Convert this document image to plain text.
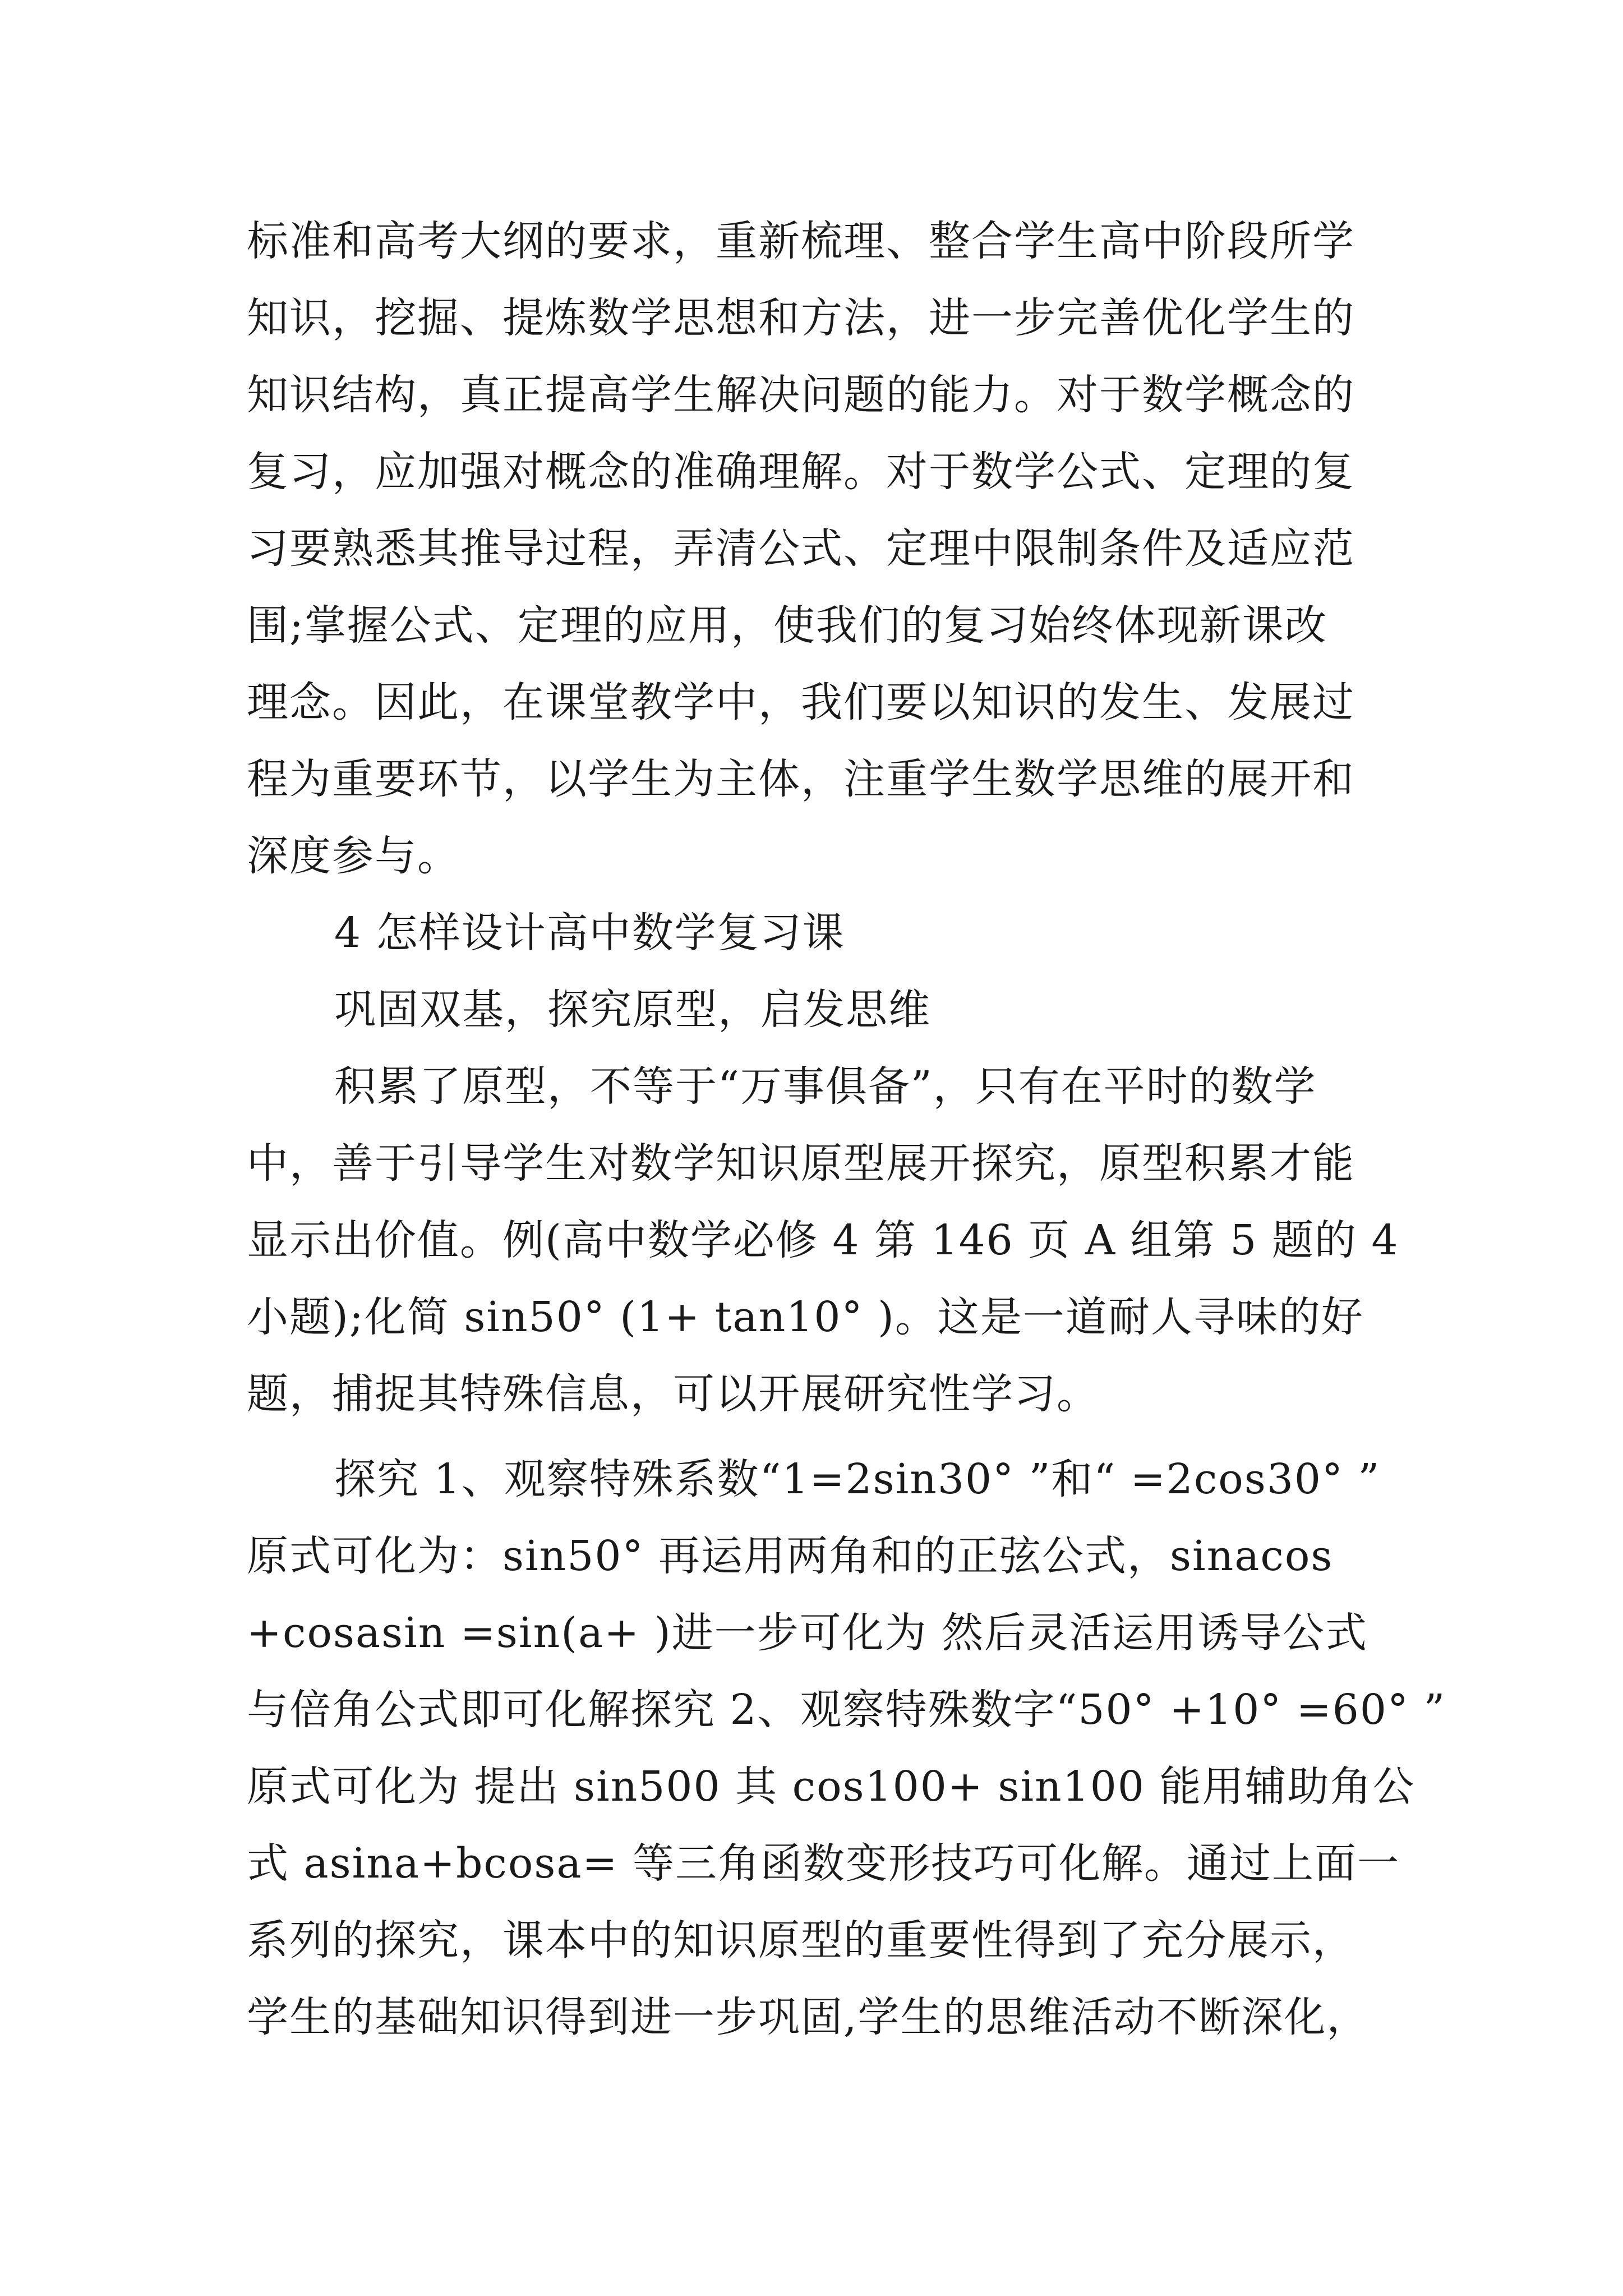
标准和高考大纲的要求，重新梳理、整合学生高中阶段所学
知识，挖掘、提炼数学思想和方法，进一步完善优化学生的
知识结构，真正提高学生解决问题的能力。对于数学概念的
复习，应加强对概念的准确理解。对于数学公式、定理的复
习要熟悉其推导过程，弄清公式、定理中限制条件及适应范
围;掌握公式、定理的应用，使我们的复习始终体现新课改
理念。因此，在课堂教学中，我们要以知识的发生、发展过
程为重要环节，以学生为主体，注重学生数学思维的展开和
深度参与。
4 怎样设计高中数学复习课
巩固双基，探究原型，启发思维
积累了原型，不等于“万事俱备”，只有在平时的数学
中，善于引导学生对数学知识原型展开探究，原型积累才能
显示出价值。例(高中数学必修 4 第 146 页 A 组第 5 题的 4
小题);化简 sin50° (1+ tan10° )。这是一道耐人寻味的好
题，捕捉其特殊信息，可以开展研究性学习。
探究 1、观察特殊系数“1=2sin30° ”和“ =2cos30° ”
原式可化为：sin50° 再运用两角和的正弦公式，sinacos
+cosasin =sin(a+ )进一步可化为 然后灵活运用诱导公式
与倍角公式即可化解探究 2、观察特殊数字“50° +10° =60° ”
原式可化为 提出 sin500 其 cos100+ sin100 能用辅助角公
式 asina+bcosa= 等三角函数变形技巧可化解。通过上面一
系列的探究，课本中的知识原型的重要性得到了充分展示，
学生的基础知识得到进一步巩固,学生的思维活动不断深化，
